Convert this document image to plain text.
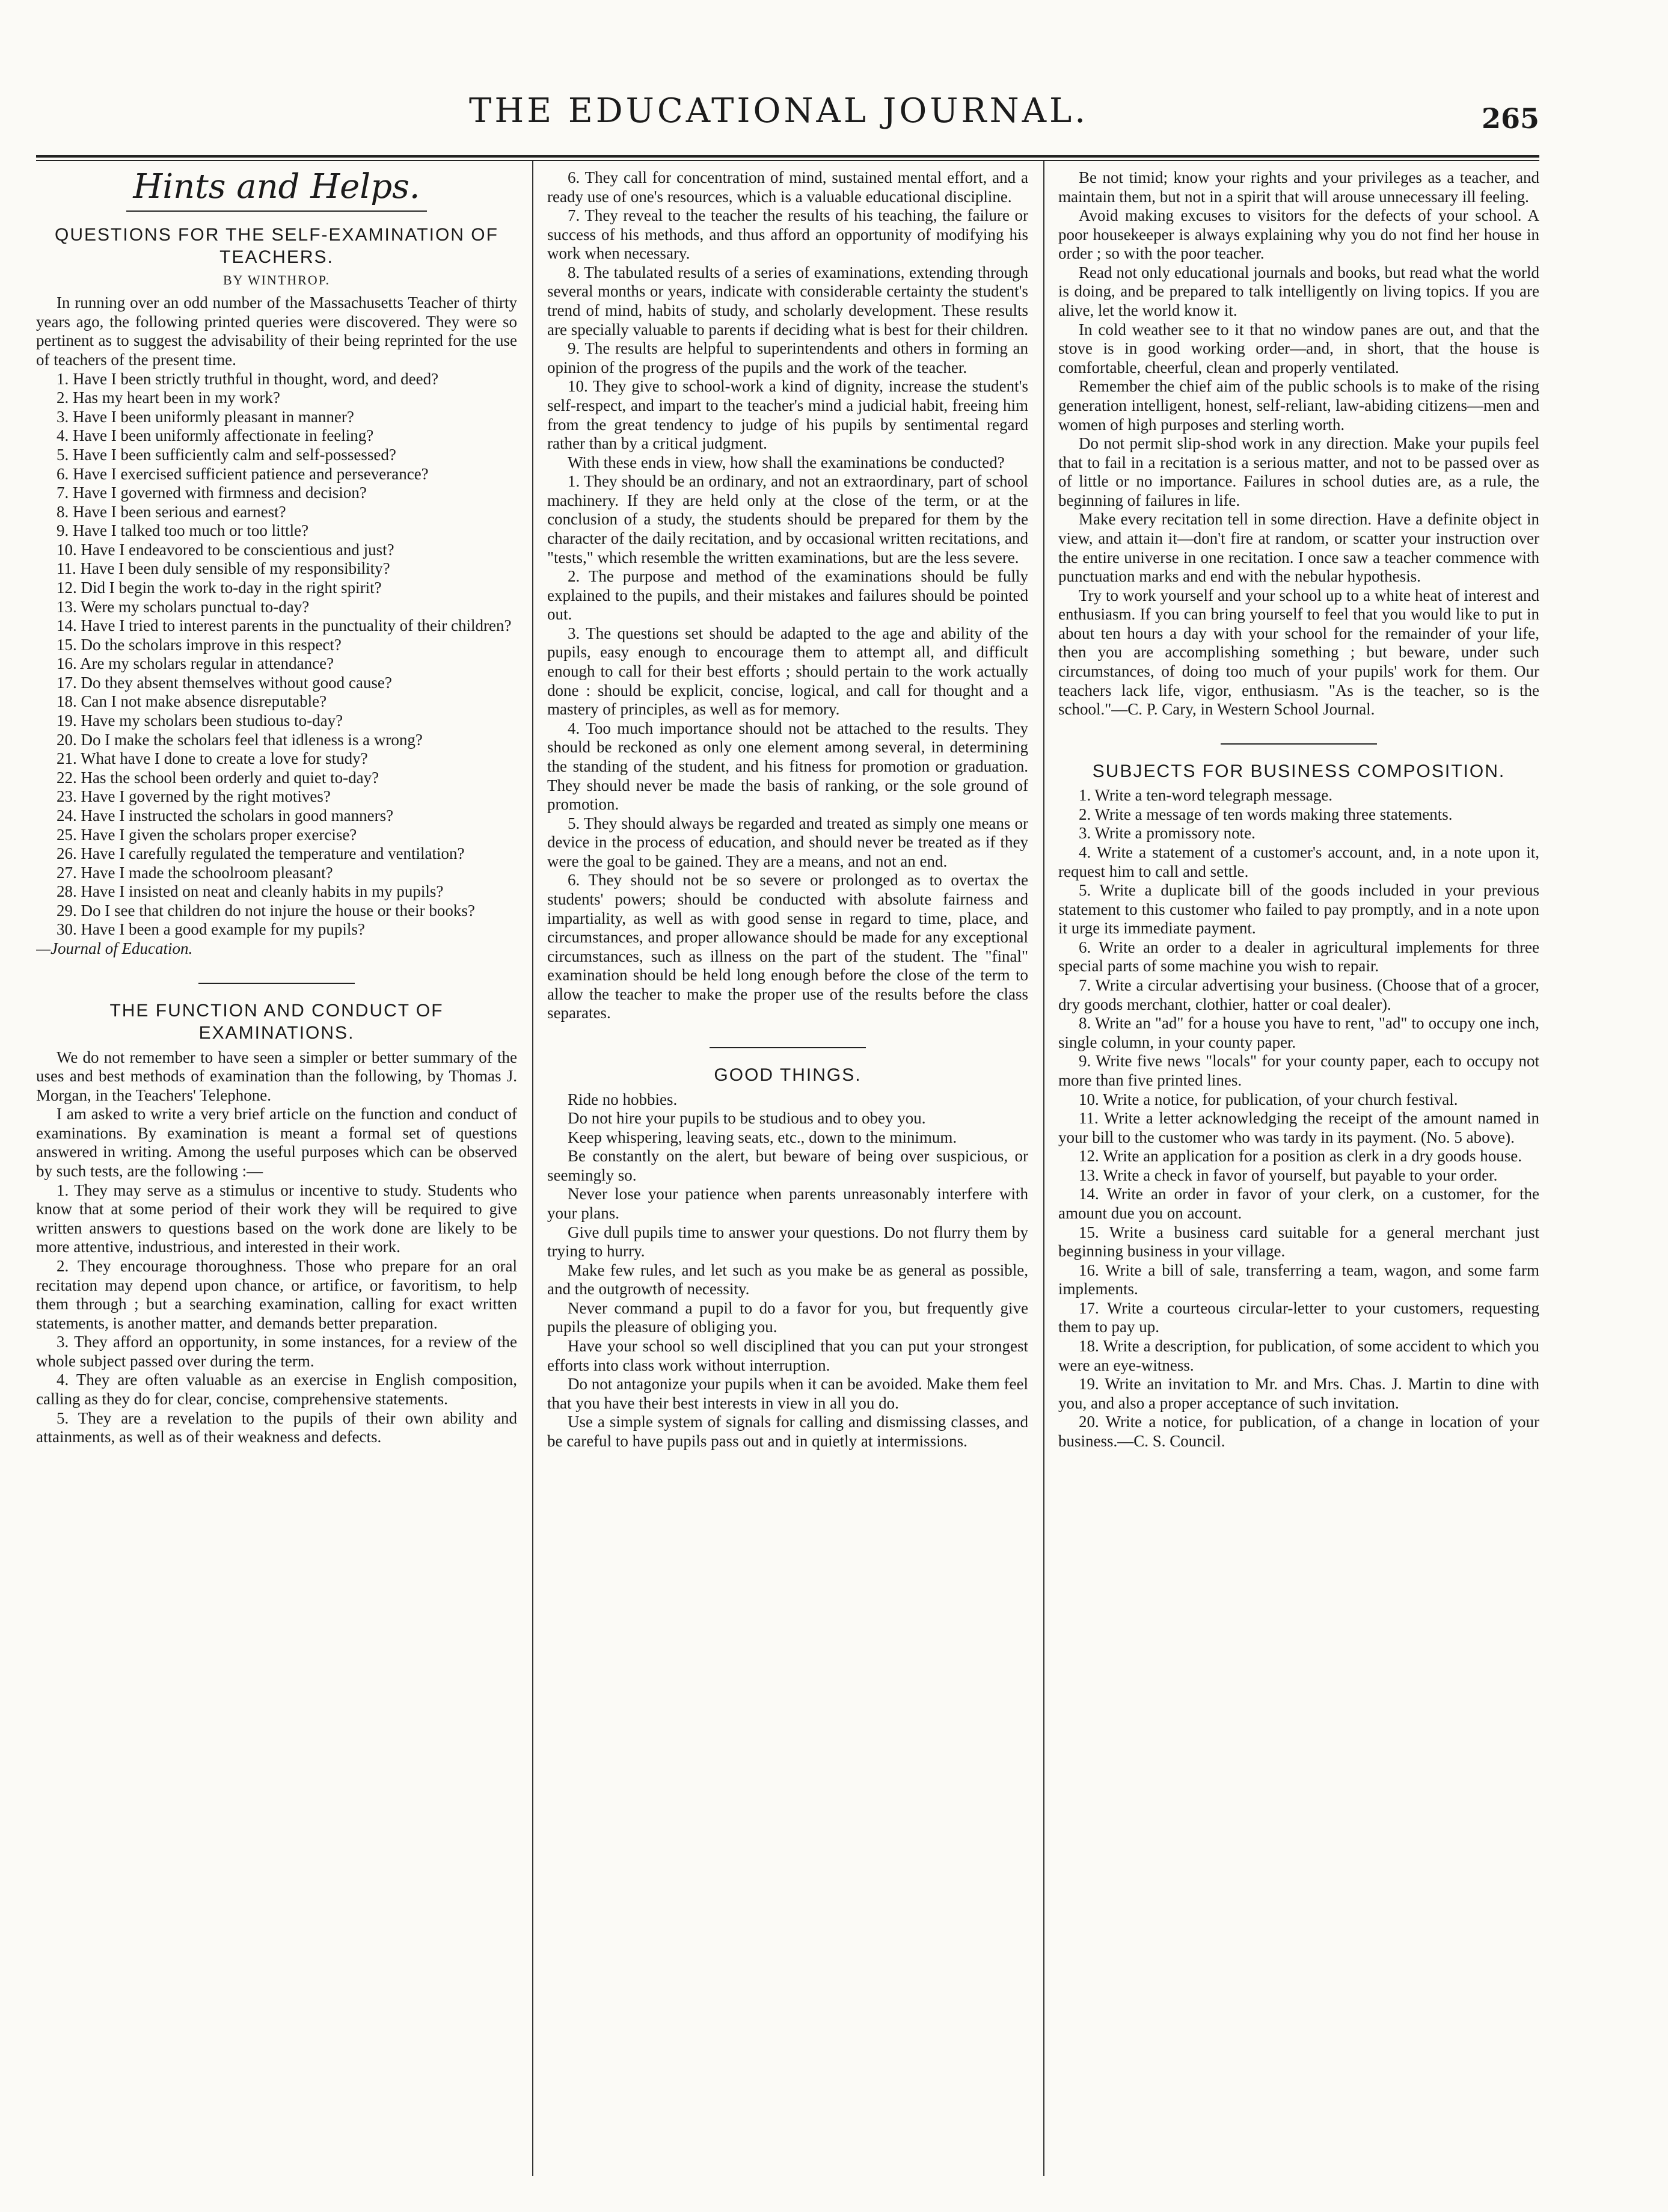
THE EDUCATIONAL JOURNAL.	265
Hints and Helps.
QUESTIONS FOR THE SELF-EXAMINATION OF TEACHERS.
BY WINTHROP.

In running over an odd number of the Massachusetts Teacher of thirty years ago, the following printed queries were discovered. They were so pertinent as to suggest the advisability of their being reprinted for the use of teachers of the present time.

1. Have I been strictly truthful in thought, word, and deed?

2. Has my heart been in my work?

3. Have I been uniformly pleasant in manner?

4. Have I been uniformly affectionate in feeling?

5. Have I been sufficiently calm and self-possessed?

6. Have I exercised sufficient patience and perseverance?

7. Have I governed with firmness and decision?

8. Have I been serious and earnest?

9. Have I talked too much or too little?

10. Have I endeavored to be conscientious and just?

11. Have I been duly sensible of my responsibility?

12. Did I begin the work to-day in the right spirit?

13. Were my scholars punctual to-day?

14. Have I tried to interest parents in the punctuality of their children?

15. Do the scholars improve in this respect?

16. Are my scholars regular in attendance?

17. Do they absent themselves without good cause?

18. Can I not make absence disreputable?

19. Have my scholars been studious to-day?

20. Do I make the scholars feel that idleness is a wrong?

21. What have I done to create a love for study?

22. Has the school been orderly and quiet to-day?

23. Have I governed by the right motives?

24. Have I instructed the scholars in good manners?

25. Have I given the scholars proper exercise?

26. Have I carefully regulated the temperature and ventilation?

27. Have I made the schoolroom pleasant?

28. Have I insisted on neat and cleanly habits in my pupils?

29. Do I see that children do not injure the house or their books?

30. Have I been a good example for my pupils?

—Journal of Education.

THE FUNCTION AND CONDUCT OF EXAMINATIONS.

We do not remember to have seen a simpler or better summary of the uses and best methods of examination than the following, by Thomas J. Morgan, in the Teachers' Telephone.

I am asked to write a very brief article on the function and conduct of examinations. By examination is meant a formal set of questions answered in writing. Among the useful purposes which can be observed by such tests, are the following :—

1. They may serve as a stimulus or incentive to study. Students who know that at some period of their work they will be required to give written answers to questions based on the work done are likely to be more attentive, industrious, and interested in their work.

2. They encourage thoroughness. Those who prepare for an oral recitation may depend upon chance, or artifice, or favoritism, to help them through ; but a searching examination, calling for exact written statements, is another matter, and demands better preparation.

3. They afford an opportunity, in some instances, for a review of the whole subject passed over during the term.

4. They are often valuable as an exercise in English composition, calling as they do for clear, concise, comprehensive statements.

5. They are a revelation to the pupils of their own ability and attainments, as well as of their weakness and defects.

6. They call for concentration of mind, sustained mental effort, and a ready use of one's resources, which is a valuable educational discipline.

7. They reveal to the teacher the results of his teaching, the failure or success of his methods, and thus afford an opportunity of modifying his work when necessary.

8. The tabulated results of a series of examinations, extending through several months or years, indicate with considerable certainty the student's trend of mind, habits of study, and scholarly development. These results are specially valuable to parents if deciding what is best for their children.

9. The results are helpful to superintendents and others in forming an opinion of the progress of the pupils and the work of the teacher.

10. They give to school-work a kind of dignity, increase the student's self-respect, and impart to the teacher's mind a judicial habit, freeing him from the great tendency to judge of his pupils by sentimental regard rather than by a critical judgment.

With these ends in view, how shall the examinations be conducted?

1. They should be an ordinary, and not an extraordinary, part of school machinery. If they are held only at the close of the term, or at the conclusion of a study, the students should be prepared for them by the character of the daily recitation, and by occasional written recitations, and "tests," which resemble the written examinations, but are the less severe.

2. The purpose and method of the examinations should be fully explained to the pupils, and their mistakes and failures should be pointed out.

3. The questions set should be adapted to the age and ability of the pupils, easy enough to encourage them to attempt all, and difficult enough to call for their best efforts ; should pertain to the work actually done : should be explicit, concise, logical, and call for thought and a mastery of principles, as well as for memory.

4. Too much importance should not be attached to the results. They should be reckoned as only one element among several, in determining the standing of the student, and his fitness for promotion or graduation. They should never be made the basis of ranking, or the sole ground of promotion.

5. They should always be regarded and treated as simply one means or device in the process of education, and should never be treated as if they were the goal to be gained. They are a means, and not an end.

6. They should not be so severe or prolonged as to overtax the students' powers; should be conducted with absolute fairness and impartiality, as well as with good sense in regard to time, place, and circumstances, and proper allowance should be made for any exceptional circumstances, such as illness on the part of the student. The "final" examination should be held long enough before the close of the term to allow the teacher to make the proper use of the results before the class separates.

GOOD THINGS.

Ride no hobbies.

Do not hire your pupils to be studious and to obey you.

Keep whispering, leaving seats, etc., down to the minimum.

Be constantly on the alert, but beware of being over suspicious, or seemingly so.

Never lose your patience when parents unreasonably interfere with your plans.

Give dull pupils time to answer your questions. Do not flurry them by trying to hurry.

Make few rules, and let such as you make be as general as possible, and the outgrowth of necessity.

Never command a pupil to do a favor for you, but frequently give pupils the pleasure of obliging you.

Have your school so well disciplined that you can put your strongest efforts into class work without interruption.

Do not antagonize your pupils when it can be avoided. Make them feel that you have their best interests in view in all you do.

Use a simple system of signals for calling and dismissing classes, and be careful to have pupils pass out and in quietly at intermissions.

Be not timid; know your rights and your privileges as a teacher, and maintain them, but not in a spirit that will arouse unnecessary ill feeling.

Avoid making excuses to visitors for the defects of your school. A poor housekeeper is always explaining why you do not find her house in order ; so with the poor teacher.

Read not only educational journals and books, but read what the world is doing, and be prepared to talk intelligently on living topics. If you are alive, let the world know it.

In cold weather see to it that no window panes are out, and that the stove is in good working order—and, in short, that the house is comfortable, cheerful, clean and properly ventilated.

Remember the chief aim of the public schools is to make of the rising generation intelligent, honest, self-reliant, law-abiding citizens—men and women of high purposes and sterling worth.

Do not permit slip-shod work in any direction. Make your pupils feel that to fail in a recitation is a serious matter, and not to be passed over as of little or no importance. Failures in school duties are, as a rule, the beginning of failures in life.

Make every recitation tell in some direction. Have a definite object in view, and attain it—don't fire at random, or scatter your instruction over the entire universe in one recitation. I once saw a teacher commence with punctuation marks and end with the nebular hypothesis.

Try to work yourself and your school up to a white heat of interest and enthusiasm. If you can bring yourself to feel that you would like to put in about ten hours a day with your school for the remainder of your life, then you are accomplishing something ; but beware, under such circumstances, of doing too much of your pupils' work for them. Our teachers lack life, vigor, enthusiasm. "As is the teacher, so is the school."—C. P. Cary, in Western School Journal.

SUBJECTS FOR BUSINESS COMPOSITION.

1. Write a ten-word telegraph message.

2. Write a message of ten words making three statements.

3. Write a promissory note.

4. Write a statement of a customer's account, and, in a note upon it, request him to call and settle.

5. Write a duplicate bill of the goods included in your previous statement to this customer who failed to pay promptly, and in a note upon it urge its immediate payment.

6. Write an order to a dealer in agricultural implements for three special parts of some machine you wish to repair.

7. Write a circular advertising your business. (Choose that of a grocer, dry goods merchant, clothier, hatter or coal dealer).

8. Write an "ad" for a house you have to rent, "ad" to occupy one inch, single column, in your county paper.

9. Write five news "locals" for your county paper, each to occupy not more than five printed lines.

10. Write a notice, for publication, of your church festival.

11. Write a letter acknowledging the receipt of the amount named in your bill to the customer who was tardy in its payment. (No. 5 above).

12. Write an application for a position as clerk in a dry goods house.

13. Write a check in favor of yourself, but payable to your order.

14. Write an order in favor of your clerk, on a customer, for the amount due you on account.

15. Write a business card suitable for a general merchant just beginning business in your village.

16. Write a bill of sale, transferring a team, wagon, and some farm implements.

17. Write a courteous circular-letter to your customers, requesting them to pay up.

18. Write a description, for publication, of some accident to which you were an eye-witness.

19. Write an invitation to Mr. and Mrs. Chas. J. Martin to dine with you, and also a proper acceptance of such invitation.

20. Write a notice, for publication, of a change in location of your business.—C. S. Council.
